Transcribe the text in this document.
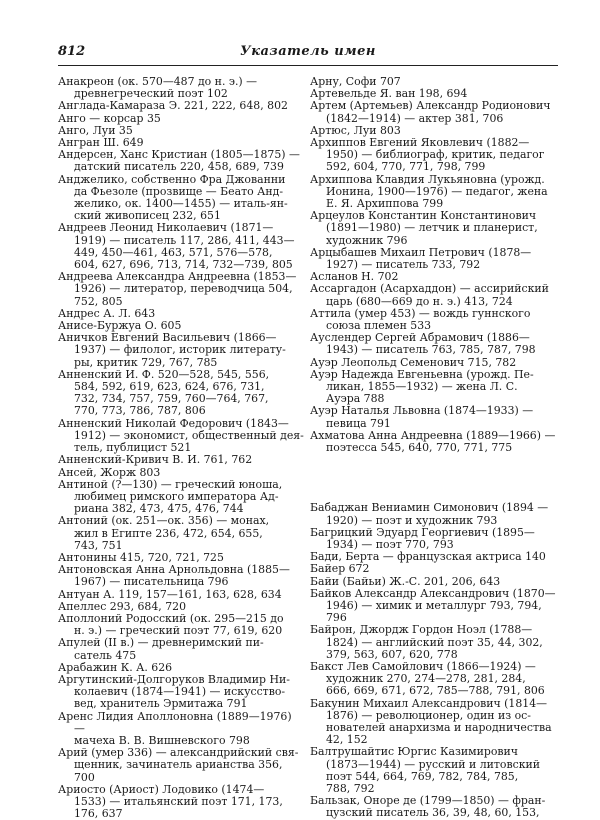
812	Указатель имен
Анакреон (ок. 570—487 до н. э.) —
древнегреческий поэт 102
Англада-Камараза Э. 221, 222, 648, 802
Анго — корсар 35
Анго, Луи 35
Ангран Ш. 649
Андерсен, Ханс Кристиан (1805—1875) —
датский писатель 220, 458, 689, 739
Анджелико, собственно Фра Джованни
да Фьезоле (прозвище — Беато Анд-
желико, ок. 1400—1455) — италь-ян-
ский живописец 232, 651
Андреев Леонид Николаевич (1871—
1919) — писатель 117, 286, 411, 443—
449, 450—461, 463, 571, 576—578,
604, 627, 696, 713, 714, 732—739, 805
Андреева Александра Андреевна (1853—
1926) — литератор, переводчица 504,
752, 805
Андрес А. Л. 643
Анисе-Буржуа О. 605
Аничков Евгений Васильевич (1866—
1937) — филолог, историк литерату-
ры, критик 729, 767, 785
Анненский И. Ф. 520—528, 545, 556,
584, 592, 619, 623, 624, 676, 731,
732, 734, 757, 759, 760—764, 767,
770, 773, 786, 787, 806
Анненский Николай Федорович (1843—
1912) — экономист, общественный дея-
тель, публицист 521
Анненский-Кривич В. И. 761, 762
Ансей, Жорж 803
Антиной (?—130) — греческий юноша,
любимец римского императора Ад-
риана 382, 473, 475, 476, 744
Антоний (ок. 251—ок. 356) — монах,
жил в Египте 236, 472, 654, 655,
743, 751
Антонины 415, 720, 721, 725
Антоновская Анна Арнольдовна (1885—
1967) — писательница 796
Антуан А. 119, 157—161, 163, 628, 634
Апеллес 293, 684, 720
Аполлоний Родосский (ок. 295—215 до
н. э.) — греческий поэт 77, 619, 620
Апулей (II в.) — древнеримский пи-
сатель 475
Арабажин К. А. 626
Аргутинский-Долгоруков Владимир Ни-
колаевич (1874—1941) — искусство-
вед, хранитель Эрмитажа 791
Аренс Лидия Аполлоновна (1889—1976) —
мачеха В. В. Вишневского 798
Арий (умер 336) — александрийский свя-
щенник, зачинатель арианства 356, 700
Ариосто (Ариост) Лодовико (1474—
1533) — итальянский поэт 171, 173,
176, 637
Арну, Софи 707
Артевельде Я. ван 198, 694
Артем (Артемьев) Александр Родионович
(1842—1914) — актер 381, 706
Артюс, Луи 803
Архиппов Евгений Яковлевич (1882—
1950) — библиограф, критик, педагог
592, 604, 770, 771, 798, 799
Архиппова Клавдия Лукьяновна (урожд.
Ионина, 1900—1976) — педагог, жена
Е. Я. Архиппова 799
Арцеулов Константин Константинович
(1891—1980) — летчик и планерист,
художник 796
Арцыбашев Михаил Петрович (1878—
1927) — писатель 733, 792
Асланов Н. 702
Ассаргадон (Асархаддон) — ассирийский
царь (680—669 до н. э.) 413, 724
Аттила (умер 453) — вождь гуннского
союза племен 533
Ауслендер Сергей Абрамович (1886—
1943) — писатель 763, 785, 787, 798
Ауэр Леопольд Семенович 715, 782
Ауэр Надежда Евгеньевна (урожд. Пе-
ликан, 1855—1932) — жена Л. С.
Ауэра 788
Ауэр Наталья Львовна (1874—1933) —
певица 791
Ахматова Анна Андреевна (1889—1966) —
поэтесса 545, 640, 770, 771, 775
Бабаджан Вениамин Симонович (1894 —
1920) — поэт и художник 793
Багрицкий Эдуард Георгиевич (1895—
1934) — поэт 770, 793
Бади, Берта — французская актриса 140
Байер 672
Байи (Байьи) Ж.-С. 201, 206, 643
Байков Александр Александрович (1870—
1946) — химик и металлург 793, 794,
796
Байрон, Джордж Гордон Ноэл (1788—
1824) — английский поэт 35, 44, 302,
379, 563, 607, 620, 778
Бакст Лев Самойлович (1866—1924) —
художник 270, 274—278, 281, 284,
666, 669, 671, 672, 785—788, 791, 806
Бакунин Михаил Александрович (1814—
1876) — революционер, один из ос-
нователей анархизма и народничества
42, 152
Балтрушайтис Юргис Казимирович
(1873—1944) — русский и литовский
поэт 544, 664, 769, 782, 784, 785,
788, 792
Бальзак, Оноре де (1799—1850) — фран-
цузский писатель 36, 39, 48, 60, 153,
